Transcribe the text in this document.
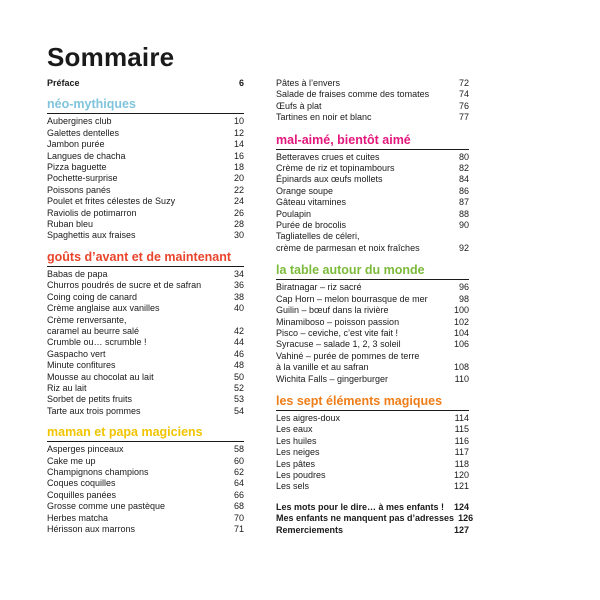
Sommaire
Préface	6
néo-mythiques
Aubergines club	10
Galettes dentelles	12
Jambon purée	14
Langues de chacha	16
Pizza baguette	18
Pochette-surprise	20
Poissons panés	22
Poulet et frites célestes de Suzy	24
Raviolis de potimarron	26
Ruban bleu	28
Spaghettis aux fraises	30
goûts d’avant et de maintenant
Babas de papa	34
Churros poudrés de sucre et de safran	36
Coing coing de canard	38
Crème anglaise aux vanilles	40
Crème renversante,
caramel au beurre salé	42
Crumble ou… scrumble !	44
Gaspacho vert	46
Minute confitures	48
Mousse au chocolat au lait	50
Riz au lait	52
Sorbet de petits fruits	53
Tarte aux trois pommes	54
maman et papa magiciens
Asperges pinceaux	58
Cake me up	60
Champignons champions	62
Coques coquilles	64
Coquilles panées	66
Grosse comme une pastèque	68
Herbes matcha	70
Hérisson aux marrons	71
Pâtes à l’envers	72
Salade de fraises comme des tomates	74
Œufs à plat	76
Tartines en noir et blanc	77
mal-aimé, bientôt aimé
Betteraves crues et cuites	80
Crème de riz et topinambours	82
Épinards aux œufs mollets	84
Orange soupe	86
Gâteau vitamines	87
Poulapin	88
Purée de brocolis	90
Tagliatelles de céleri,
crème de parmesan et noix fraîches	92
la table autour du monde
Biratnagar – riz sacré	96
Cap Horn – melon bourrasque de mer	98
Guilin – bœuf dans la rivière	100
Minamiboso – poisson passion	102
Pisco – ceviche, c’est vite fait !	104
Syracuse – salade 1, 2, 3 soleil	106
Vahiné – purée de pommes de terre
à la vanille et au safran	108
Wichita Falls – gingerburger	110
les sept éléments magiques
Les aigres-doux	114
Les eaux	115
Les huiles	116
Les neiges	117
Les pâtes	118
Les poudres	120
Les sels	121
Les mots pour le dire… à mes enfants !	124
Mes enfants ne manquent pas d’adresses 126
Remerciements	127
